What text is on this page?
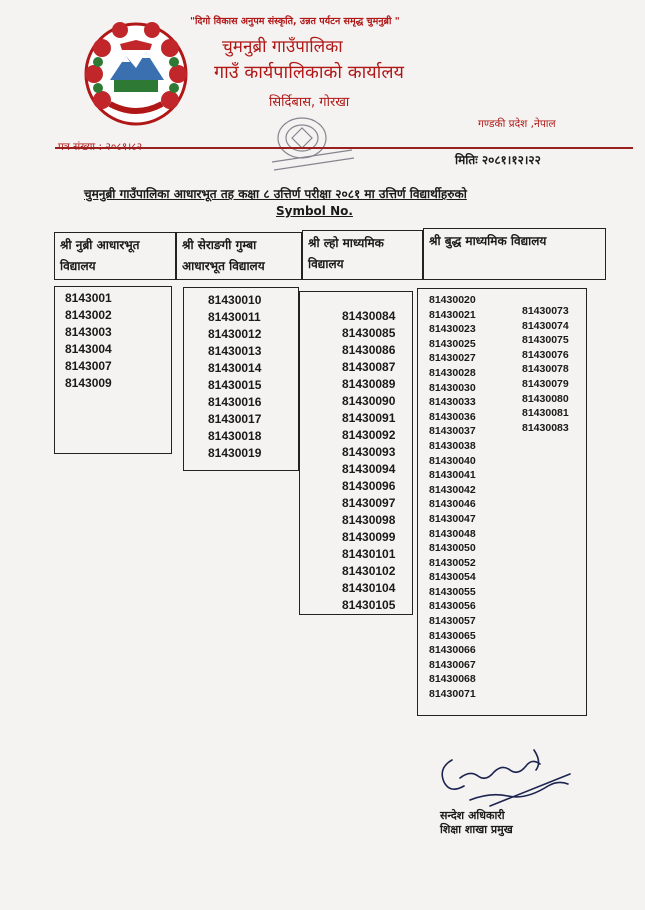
"दिगो विकास अनुपम संस्कृति, उन्नत पर्यटन समृद्ध चुमनुब्री "
चुमनुब्री गाउँपालिका
गाउँ कार्यपालिकाको कार्यालय
सिर्दिबास, गोरखा
गण्डकी प्रदेश ,नेपाल
मितिः २०८१।१२।२२
चुमनुब्री गाउँपालिका आधारभूत तह कक्षा ८ उत्तिर्ण परीक्षा २०८१ मा उत्तिर्ण विद्यार्थीहरुको
Symbol No.
श्री नुब्री आधारभूत
विद्यालय
श्री सेराङगी गुम्बा
आधारभूत विद्यालय
श्री ल्हो माध्यमिक
विद्यालय
श्री बुद्ध माध्यमिक विद्यालय
8143001
8143002
8143003
8143004
8143007
8143009
81430010
81430011
81430012
81430013
81430014
81430015
81430016
81430017
81430018
81430019
81430084
81430085
81430086
81430087
81430089
81430090
81430091
81430092
81430093
81430094
81430096
81430097
81430098
81430099
81430101
81430102
81430104
81430105
81430020
81430021
81430023
81430025
81430027
81430028
81430030
81430033
81430036
81430037
81430038
81430040
81430041
81430042
81430046
81430047
81430048
81430050
81430052
81430054
81430055
81430056
81430057
81430065
81430066
81430067
81430068
81430071
81430073
81430074
81430075
81430076
81430078
81430079
81430080
81430081
81430083
सन्देश अधिकारी
शिक्षा शाखा प्रमुख
